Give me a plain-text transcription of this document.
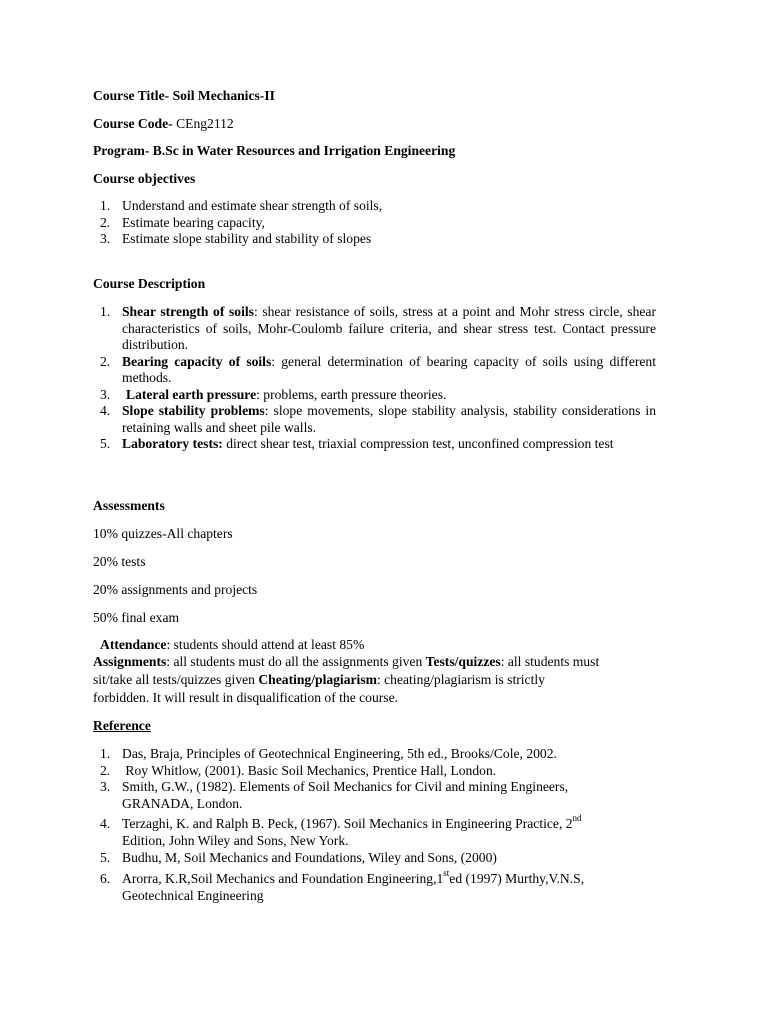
Course Title- Soil Mechanics-II
Course Code- CEng2112
Program- B.Sc in Water Resources and Irrigation Engineering
Course objectives
1. Understand and estimate shear strength of soils,
2. Estimate bearing capacity,
3. Estimate slope stability and stability of slopes
Course Description
1. Shear strength of soils: shear resistance of soils, stress at a point and Mohr stress circle, shear characteristics of soils, Mohr-Coulomb failure criteria, and shear stress test. Contact pressure distribution.
2. Bearing capacity of soils: general determination of bearing capacity of soils using different methods.
3. Lateral earth pressure: problems, earth pressure theories.
4. Slope stability problems: slope movements, slope stability analysis, stability considerations in retaining walls and sheet pile walls.
5. Laboratory tests: direct shear test, triaxial compression test, unconfined compression test
Assessments
10% quizzes-All chapters
20% tests
20% assignments and projects
50% final exam
Attendance: students should attend at least 85%
Assignments: all students must do all the assignments given Tests/quizzes: all students must
sit/take all tests/quizzes given Cheating/plagiarism: cheating/plagiarism is strictly
forbidden. It will result in disqualification of the course.
Reference
1. Das, Braja, Principles of Geotechnical Engineering, 5th ed., Brooks/Cole, 2002.
2. Roy Whitlow, (2001). Basic Soil Mechanics, Prentice Hall, London.
3. Smith, G.W., (1982). Elements of Soil Mechanics for Civil and mining Engineers,
GRANADA, London.
4. Terzaghi, K. and Ralph B. Peck, (1967). Soil Mechanics in Engineering Practice, 2nd
Edition, John Wiley and Sons, New York.
5. Budhu, M, Soil Mechanics and Foundations, Wiley and Sons, (2000)
6. Arorra, K.R,Soil Mechanics and Foundation Engineering,1sted (1997) Murthy,V.N.S,
Geotechnical Engineering
